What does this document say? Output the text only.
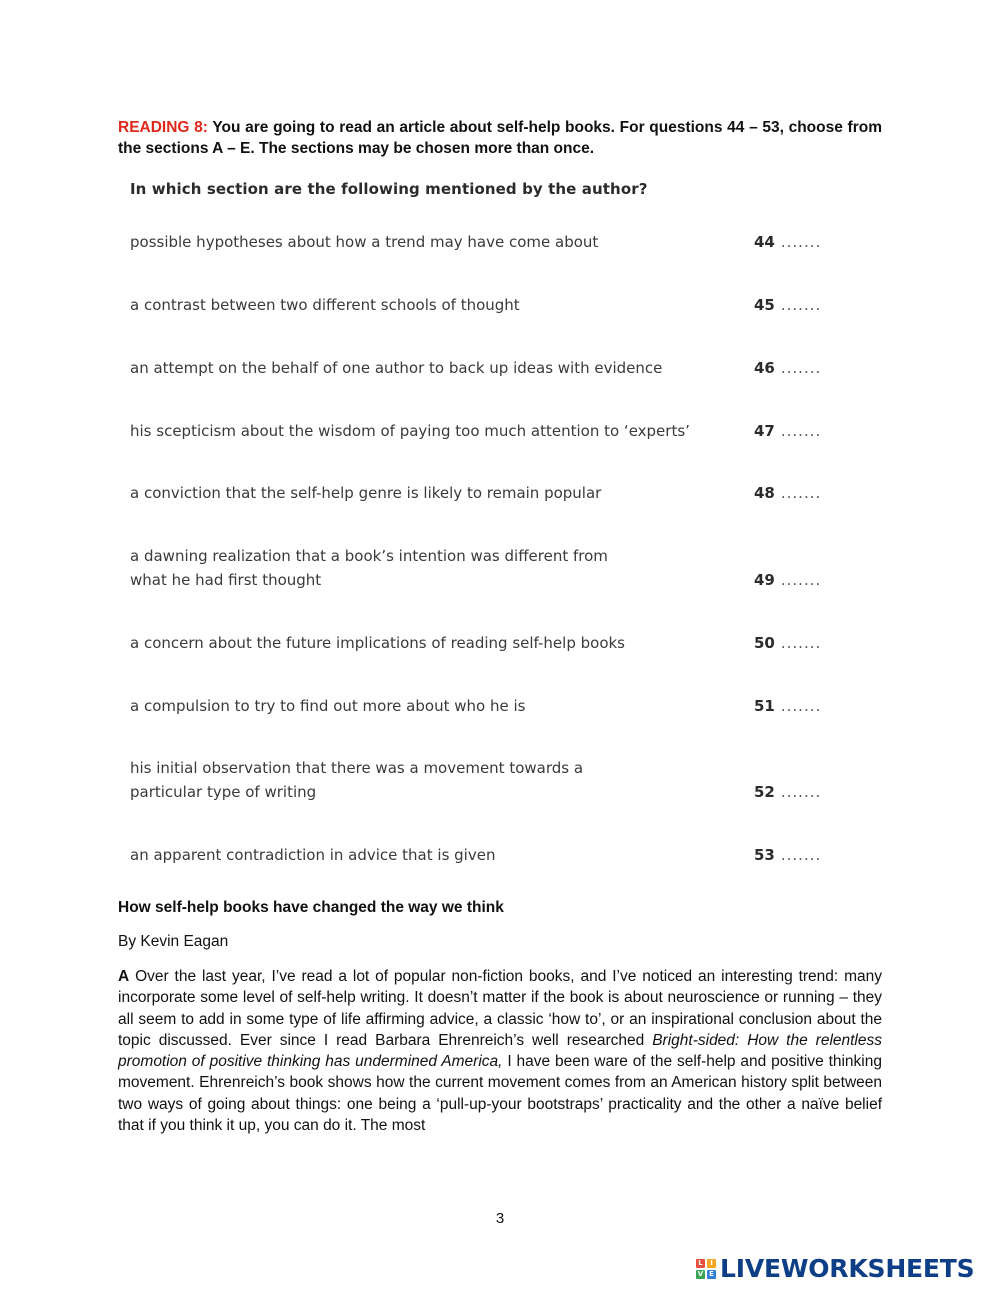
READING 8: You are going to read an article about self-help books. For questions 44 – 53, choose from the sections A – E. The sections may be chosen more than once.
In which section are the following mentioned by the author?
possible hypotheses about how a trend may have come about	44 .......
a contrast between two different schools of thought	45 .......
an attempt on the behalf of one author to back up ideas with evidence	46 .......
his scepticism about the wisdom of paying too much attention to ‘experts’	47 .......
a conviction that the self-help genre is likely to remain popular	48 .......
a dawning realization that a book’s intention was different from what he had first thought	49 .......
a concern about the future implications of reading self-help books	50 .......
a compulsion to try to find out more about who he is	51 .......
his initial observation that there was a movement towards a particular type of writing	52 .......
an apparent contradiction in advice that is given	53 .......
How self-help books have changed the way we think
By Kevin Eagan
A Over the last year, I’ve read a lot of popular non-fiction books, and I’ve noticed an interesting trend: many incorporate some level of self-help writing. It doesn’t matter if the book is about neuroscience or running – they all seem to add in some type of life affirming advice, a classic ‘how to’, or an inspirational conclusion about the topic discussed. Ever since I read Barbara Ehrenreich’s well researched Bright-sided: How the relentless promotion of positive thinking has undermined America, I have been ware of the self-help and positive thinking movement. Ehrenreich’s book shows how the current movement comes from an American history split between two ways of going about things: one being a ‘pull-up-your bootstraps’ practicality and the other a naïve belief that if you think it up, you can do it. The most
3
L	I
V E LIVEWORKSHEETS
